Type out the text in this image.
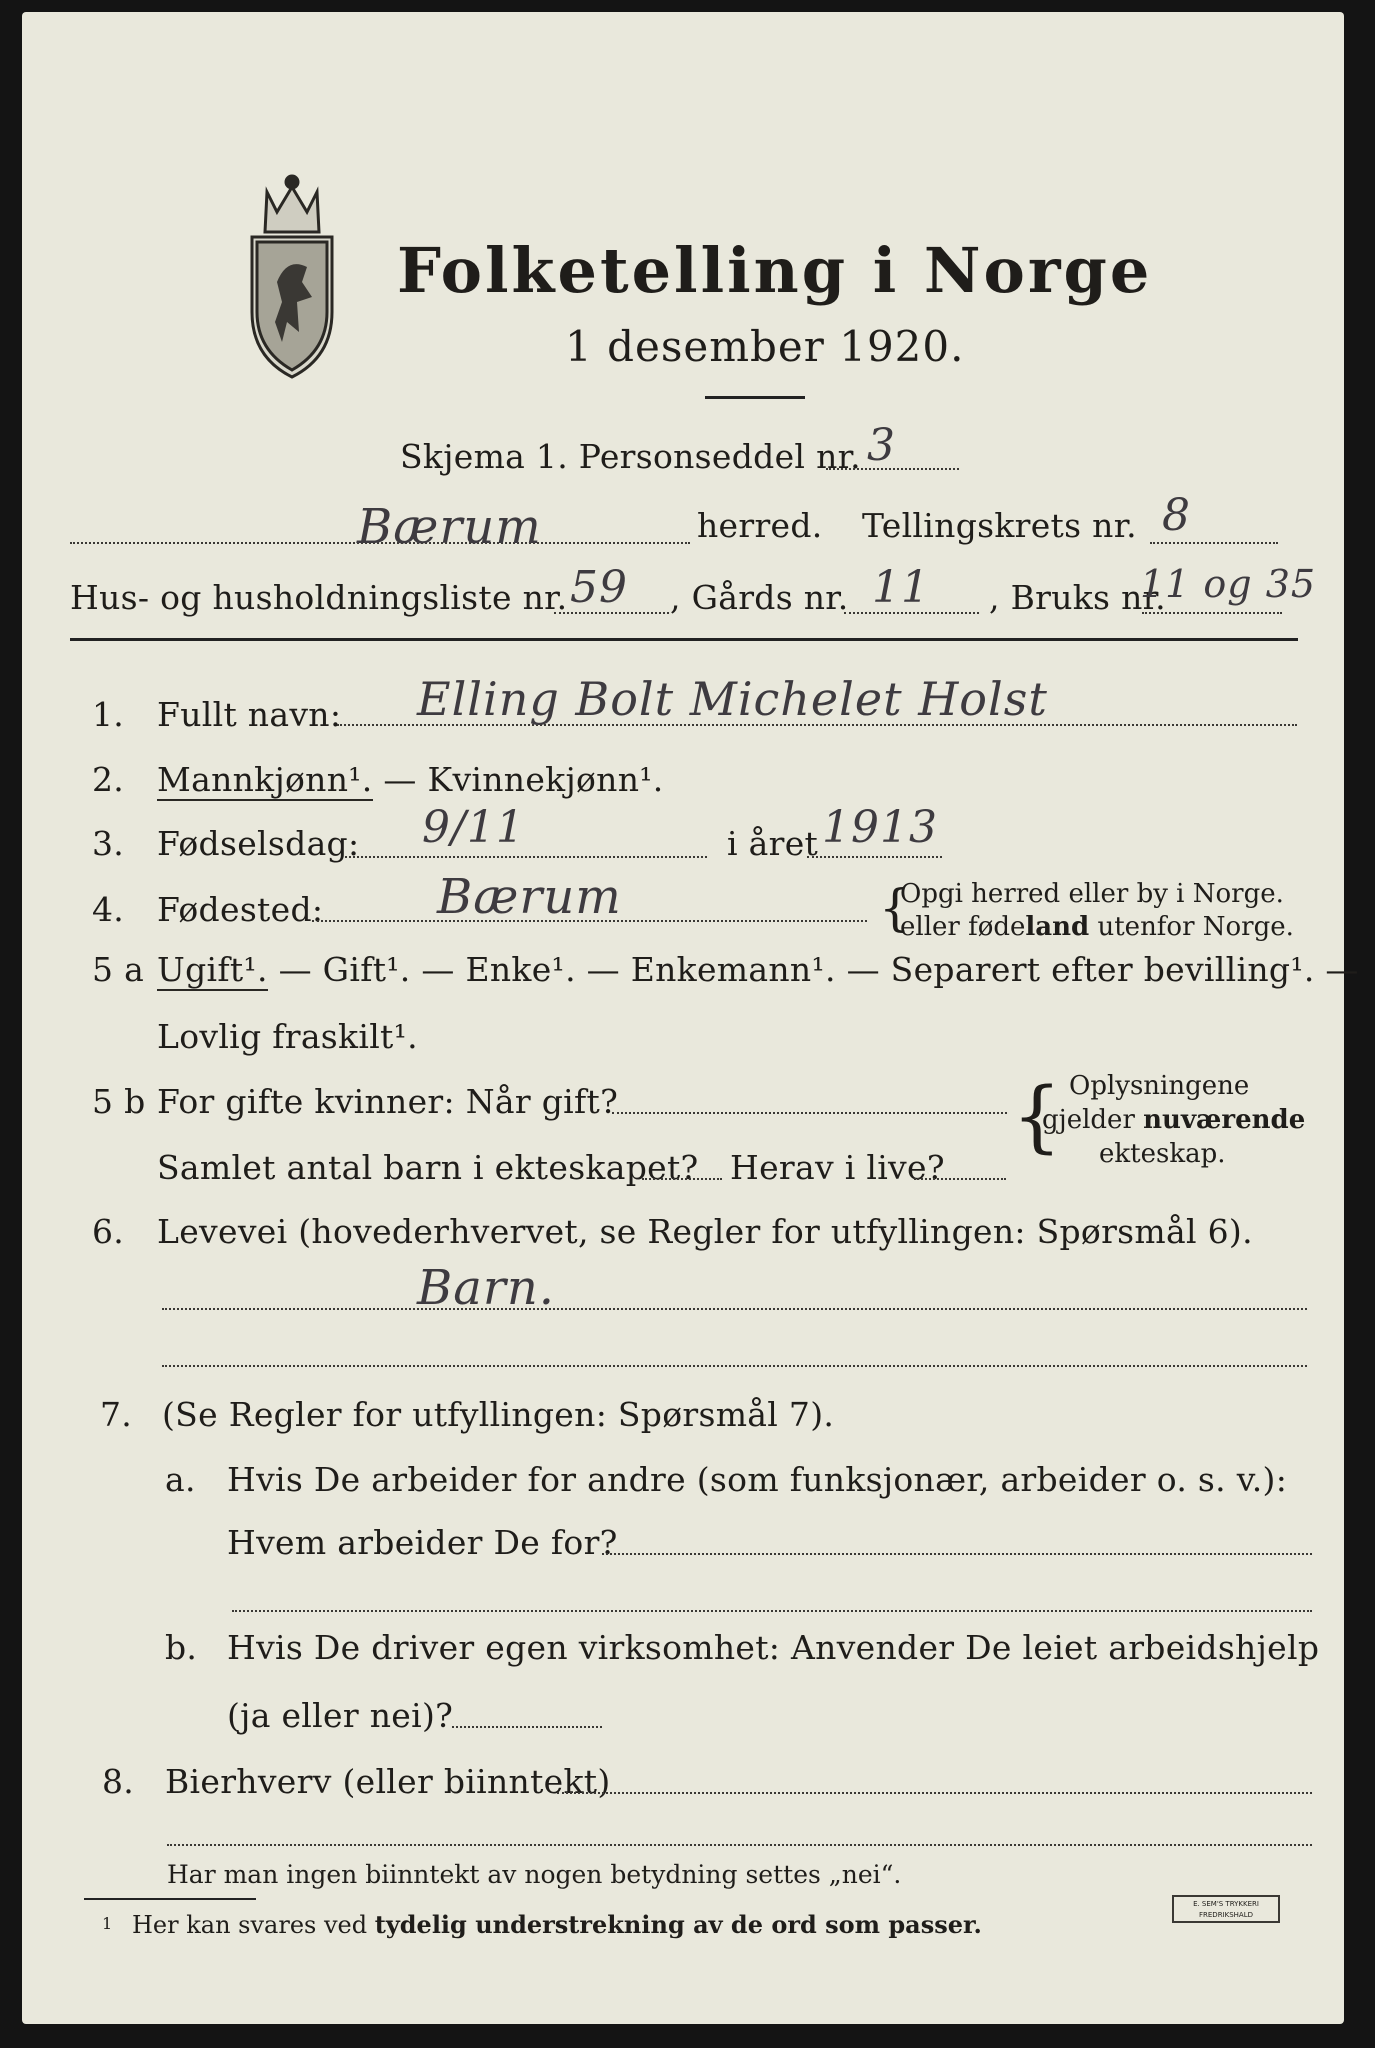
Folketelling i Norge
1 desember 1920.
Skjema 1. Personseddel nr. 3
Bærum	herred. Tellingskrets nr. 8
Hus- og husholdningsliste nr. 59 , Gårds nr. 11 , Bruks nr.
11 og 35
1. Fullt navn: Elling Bolt Michelet Holst
2. Mannkjønn¹. — Kvinnekjønn¹.
3. Fødselsdag: 9/11	i året 1913
4. Fødested: Bærum	{
Opgi herred eller by i Norge.
eller fødeland utenfor Norge.
5 a Ugift¹. — Gift¹. — Enke¹. — Enkemann¹. — Separert efter bevilling¹. —
Lovlig fraskilt¹.
5 b For gifte kvinner: Når gift?
Samlet antal barn i ekteskapet? Herav i live?
{ Oplysningene
gjelder nuværende
ekteskap.
6. Levevei (hovederhvervet, se Regler for utfyllingen: Spørsmål 6).
Barn.
7. (Se Regler for utfyllingen: Spørsmål 7).
a. Hvis De arbeider for andre (som funksjonær, arbeider o. s. v.):
Hvem arbeider De for?
b. Hvis De driver egen virksomhet: Anvender De leiet arbeidshjelp
(ja eller nei)?
8. Bierhverv (eller biinntekt)
Har man ingen biinntekt av nogen betydning settes „nei“.
1 Her kan svares ved tydelig understrekning av de ord som passer.
E. SEM'S TRYKKERI
FREDRIKSHALD
